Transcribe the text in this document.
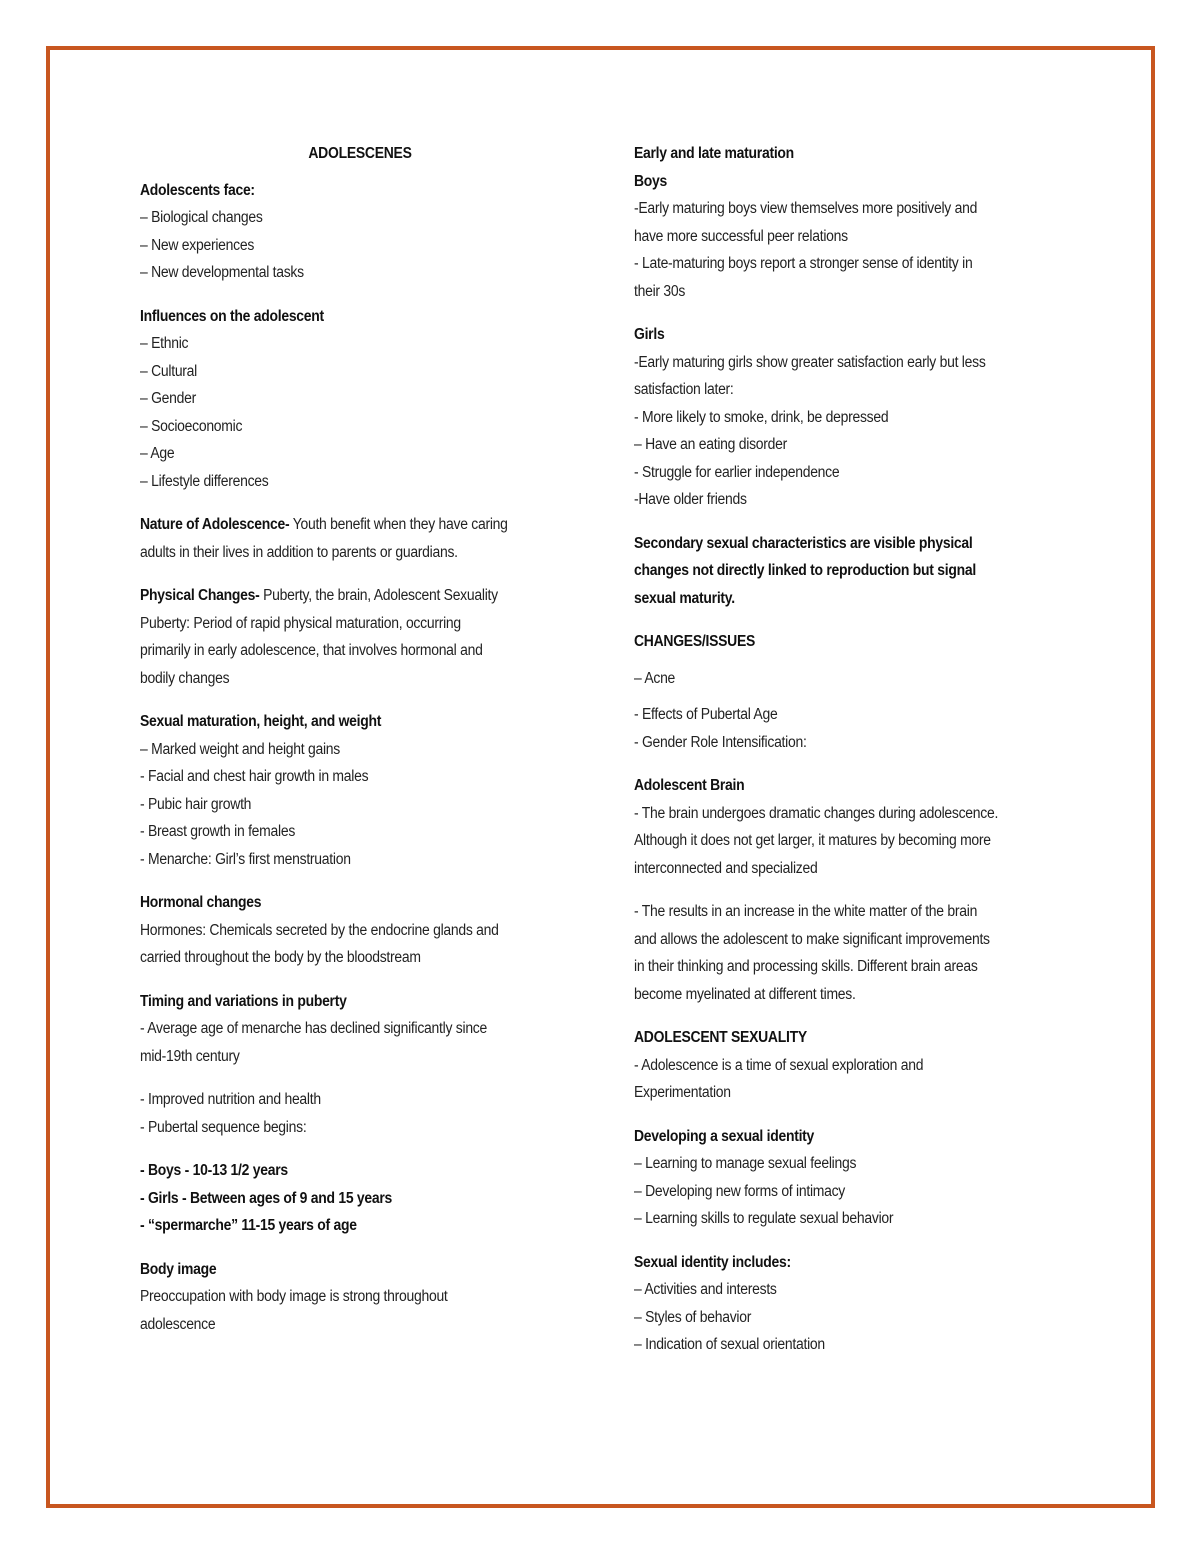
ADOLESCENES
Adolescents face:
– Biological changes
– New experiences
– New developmental tasks
Influences on the adolescent
– Ethnic
– Cultural
– Gender
– Socioeconomic
– Age
– Lifestyle differences
Nature of Adolescence- Youth benefit when they have caring
adults in their lives in addition to parents or guardians.
Physical Changes- Puberty, the brain, Adolescent Sexuality
Puberty: Period of rapid physical maturation, occurring
primarily in early adolescence, that involves hormonal and
bodily changes
Sexual maturation, height, and weight
– Marked weight and height gains
- Facial and chest hair growth in males
- Pubic hair growth
- Breast growth in females
- Menarche: Girl’s first menstruation
Hormonal changes
Hormones: Chemicals secreted by the endocrine glands and
carried throughout the body by the bloodstream
Timing and variations in puberty
- Average age of menarche has declined significantly since
mid-19th century
- Improved nutrition and health
- Pubertal sequence begins:
- Boys - 10-13 1/2 years
- Girls - Between ages of 9 and 15 years
- “spermarche” 11-15 years of age
Body image
Preoccupation with body image is strong throughout
adolescence
Early and late maturation
Boys
-Early maturing boys view themselves more positively and
have more successful peer relations
- Late-maturing boys report a stronger sense of identity in
their 30s
Girls
-Early maturing girls show greater satisfaction early but less
satisfaction later:
- More likely to smoke, drink, be depressed
– Have an eating disorder
- Struggle for earlier independence
-Have older friends
Secondary sexual characteristics are visible physical
changes not directly linked to reproduction but signal
sexual maturity.
CHANGES/ISSUES
– Acne
- Effects of Pubertal Age
- Gender Role Intensification:
Adolescent Brain
- The brain undergoes dramatic changes during adolescence.
Although it does not get larger, it matures by becoming more
interconnected and specialized
- The results in an increase in the white matter of the brain
and allows the adolescent to make significant improvements
in their thinking and processing skills. Different brain areas
become myelinated at different times.
ADOLESCENT SEXUALITY
- Adolescence is a time of sexual exploration and
Experimentation
Developing a sexual identity
– Learning to manage sexual feelings
– Developing new forms of intimacy
– Learning skills to regulate sexual behavior
Sexual identity includes:
– Activities and interests
– Styles of behavior
– Indication of sexual orientation
